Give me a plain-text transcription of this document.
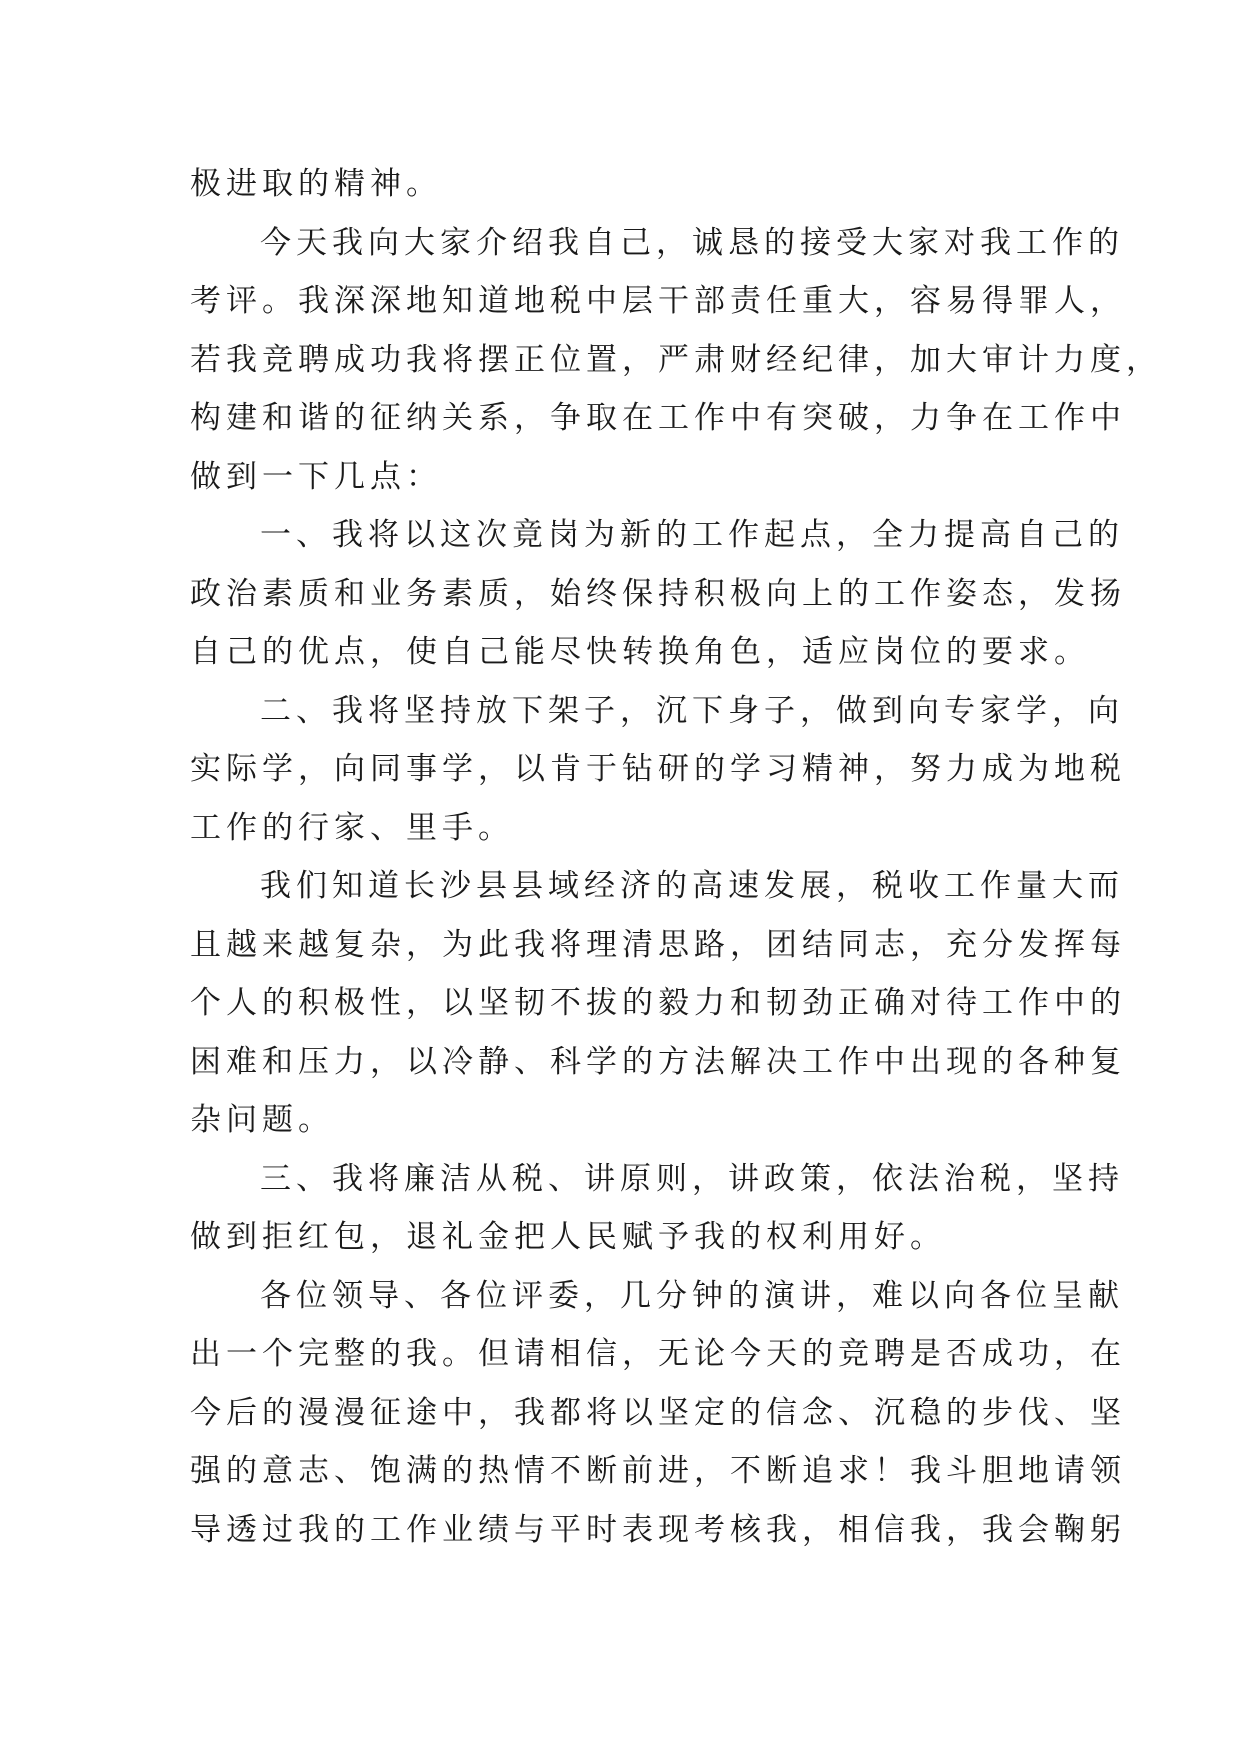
极进取的精神。
今天我向大家介绍我自己，诚恳的接受大家对我工作的
考评。我深深地知道地税中层干部责任重大，容易得罪人，
若我竞聘成功我将摆正位置，严肃财经纪律，加大审计力度，
构建和谐的征纳关系，争取在工作中有突破，力争在工作中
做到一下几点：
一、我将以这次竟岗为新的工作起点，全力提高自己的
政治素质和业务素质，始终保持积极向上的工作姿态，发扬
自己的优点，使自己能尽快转换角色，适应岗位的要求。
二、我将坚持放下架子，沉下身子，做到向专家学，向
实际学，向同事学，以肯于钻研的学习精神，努力成为地税
工作的行家、里手。
我们知道长沙县县域经济的高速发展，税收工作量大而
且越来越复杂，为此我将理清思路，团结同志，充分发挥每
个人的积极性，以坚韧不拔的毅力和韧劲正确对待工作中的
困难和压力，以冷静、科学的方法解决工作中出现的各种复
杂问题。
三、我将廉洁从税、讲原则，讲政策，依法治税，坚持
做到拒红包，退礼金把人民赋予我的权利用好。
各位领导、各位评委，几分钟的演讲，难以向各位呈献
出一个完整的我。但请相信，无论今天的竞聘是否成功，在
今后的漫漫征途中，我都将以坚定的信念、沉稳的步伐、坚
强的意志、饱满的热情不断前进，不断追求！我斗胆地请领
导透过我的工作业绩与平时表现考核我，相信我，我会鞠躬
